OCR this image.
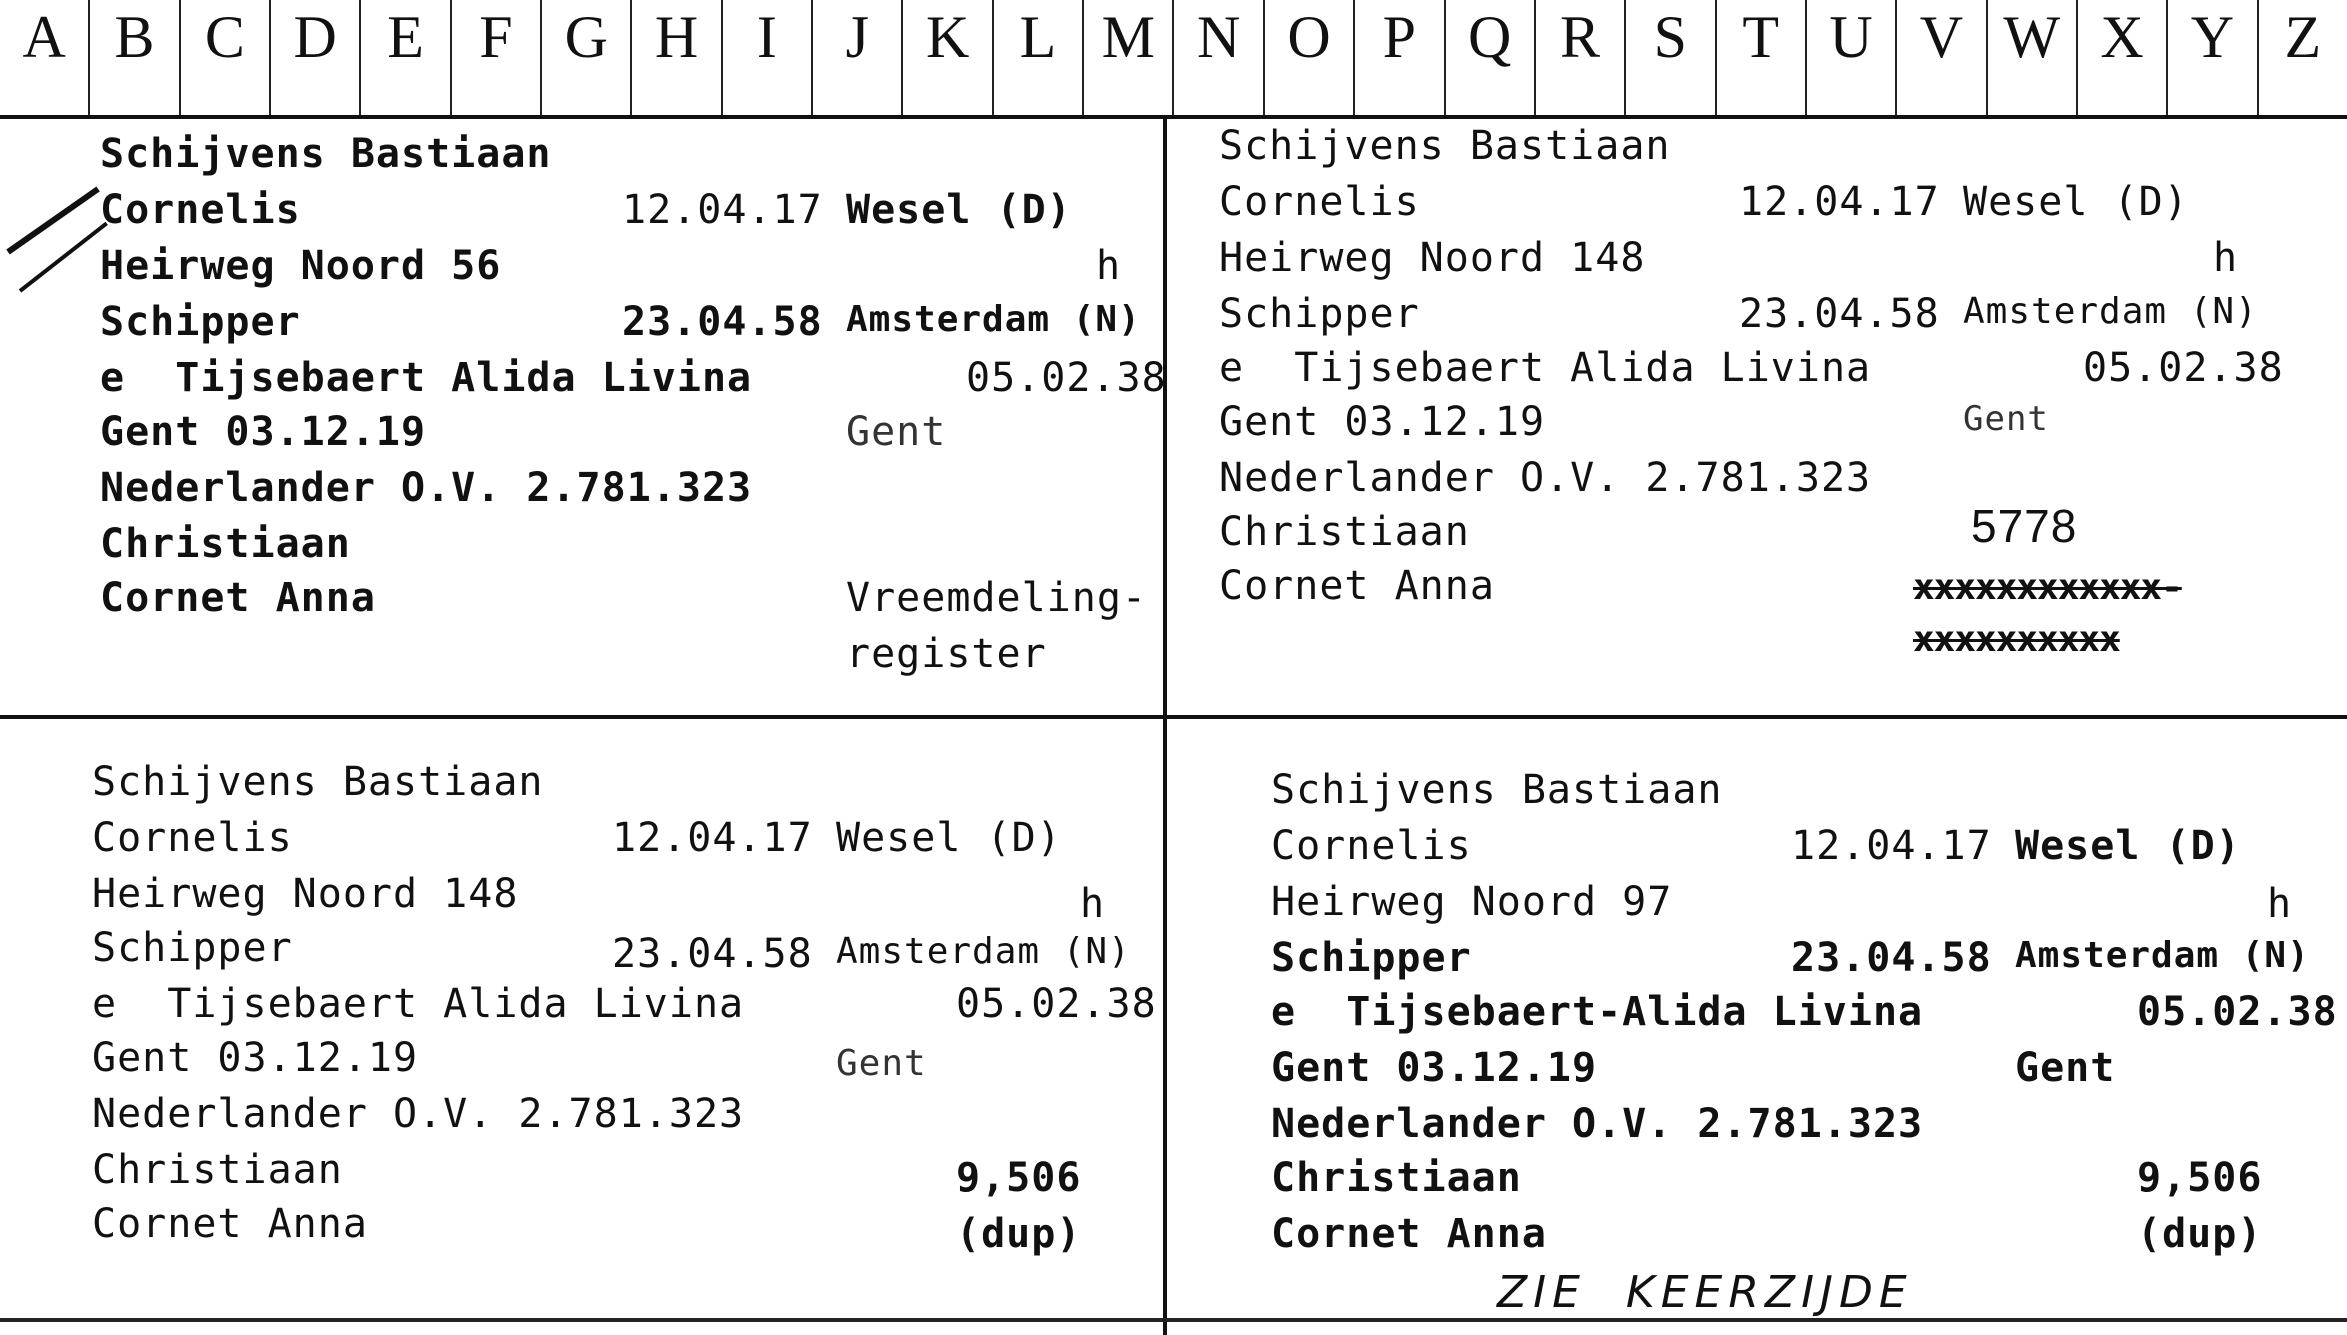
A B C D E F G H I	J K L M N O P Q R S T U V W X Y Z
Schijvens Bastiaan
Cornelis	12.04.17 Wesel (D)
Heirweg Noord 56	h
Schipper	23.04.58 Amsterdam (N)
e  Tijsebaert Alida Livina	05.02.38
Gent 03.12.19	Gent
Nederlander O.V. 2.781.323
Christiaan
Cornet Anna	Vreemdeling-
register
Schijvens Bastiaan
Cornelis	12.04.17 Wesel (D)
Heirweg Noord 148	h
Schipper	23.04.58 Amsterdam (N)
e  Tijsebaert Alida Livina	05.02.38
Gent 03.12.19	Gent
Nederlander O.V. 2.781.323
Christiaan	5778
Cornet Anna	xxxxxxxxxxxx-
xxxxxxxxxx
Schijvens Bastiaan
Cornelis	12.04.17 Wesel (D)
Heirweg Noord 148	h
Schipper	23.04.58 Amsterdam (N)
e  Tijsebaert Alida Livina	05.02.38
Gent 03.12.19	Gent
Nederlander O.V. 2.781.323
Christiaan	9,506
Cornet Anna	(dup)
Schijvens Bastiaan
Cornelis	12.04.17 Wesel (D)
Heirweg Noord 97	h
Schipper	23.04.58 Amsterdam (N)
e  Tijsebaert-Alida Livina	05.02.38
Gent 03.12.19	Gent
Nederlander O.V. 2.781.323
Christiaan	9,506
Cornet Anna	(dup)
ZIE  KEERZIJDE
